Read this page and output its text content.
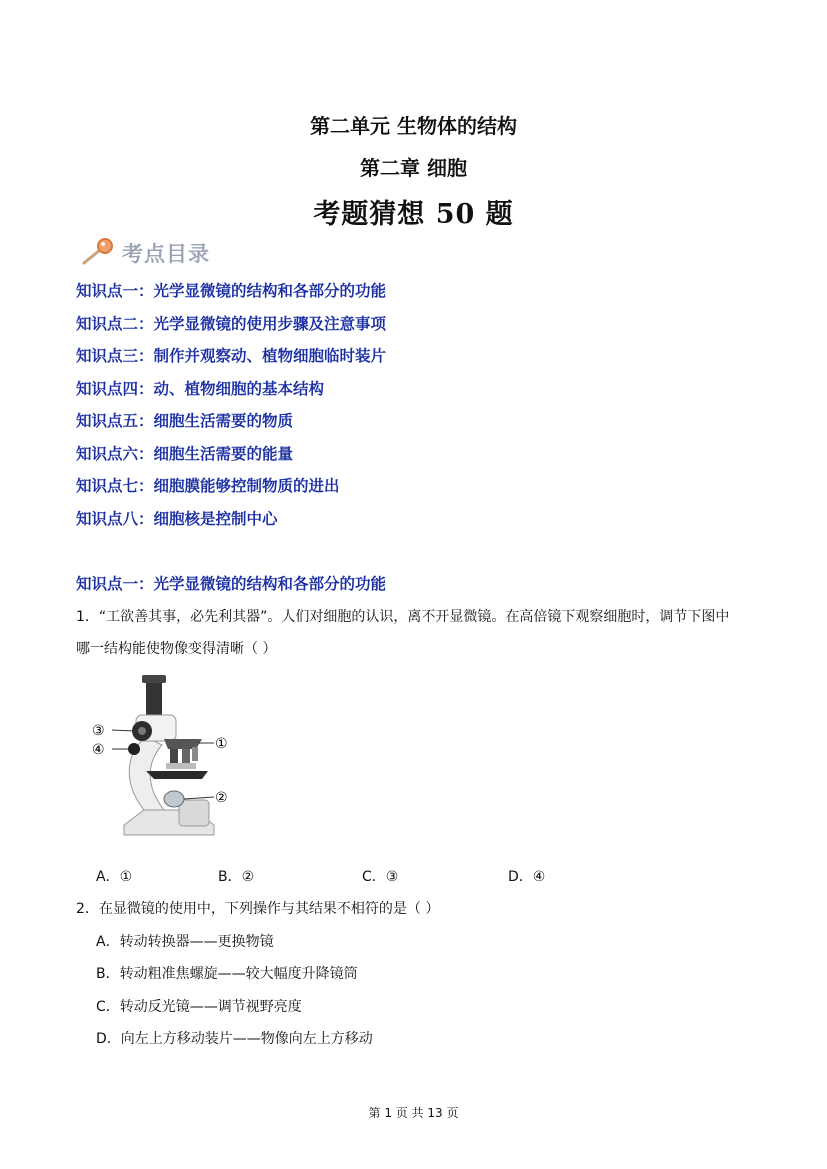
第二单元 生物体的结构
第二章 细胞
考题猜想 50 题
考点目录
知识点一：光学显微镜的结构和各部分的功能
知识点二：光学显微镜的使用步骤及注意事项
知识点三：制作并观察动、植物细胞临时装片
知识点四：动、植物细胞的基本结构
知识点五：细胞生活需要的物质
知识点六：细胞生活需要的能量
知识点七：细胞膜能够控制物质的进出
知识点八：细胞核是控制中心
知识点一：光学显微镜的结构和各部分的功能
1．“工欲善其事，必先利其器”。人们对细胞的认识，离不开显微镜。在高倍镜下观察细胞时，调节下图中
哪一结构能使物像变得清晰（ ）
③
④	①
②
A．①	B．②	C．③	D．④
2．在显微镜的使用中，下列操作与其结果不相符的是（ ）
A．转动转换器——更换物镜
B．转动粗准焦螺旋——较大幅度升降镜筒
C．转动反光镜——调节视野亮度
D．向左上方移动装片——物像向左上方移动
第 1 页 共 13 页
